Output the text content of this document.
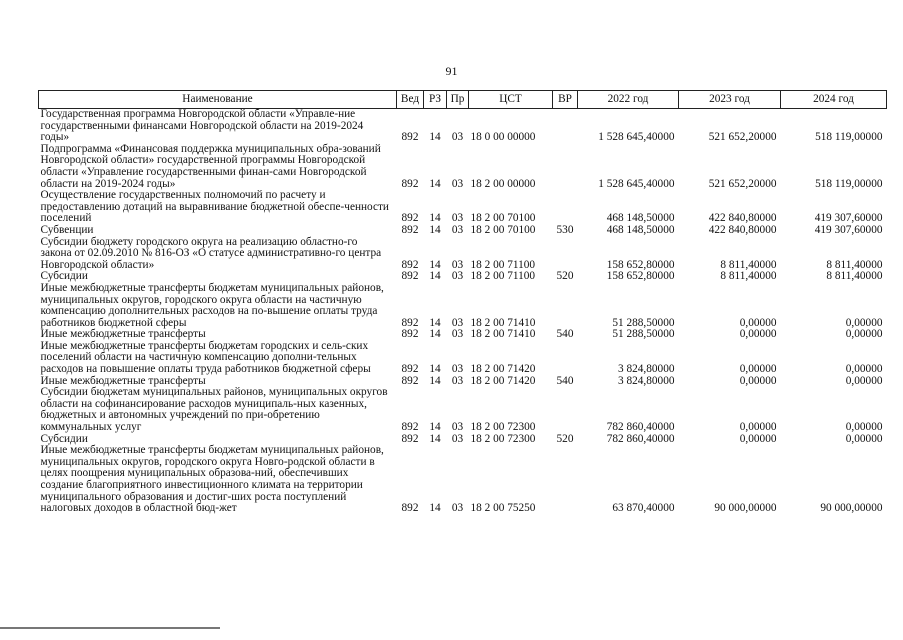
91
Наименование	Вед	РЗ	Пр	ЦСТ	ВР	2022 год	2023 год	2024 год
Государственная программа Новгородской области «Управле-ние государственными финансами Новгородской области на 2019-2024 годы»	892	14	03	18 0 00 00000		1 528 645,40000	521 652,20000	518 119,00000
Подпрограмма «Финансовая поддержка муниципальных обра-зований Новгородской области» государственной программы Новгородской области «Управление государственными финан-сами Новгородской области на 2019-2024 годы»	892	14	03	18 2 00 00000		1 528 645,40000	521 652,20000	518 119,00000
Осуществление государственных полномочий по расчету и предоставлению дотаций на выравнивание бюджетной обеспе-ченности поселений	892	14	03	18 2 00 70100		468 148,50000	422 840,80000	419 307,60000
Субвенции	892	14	03	18 2 00 70100	530	468 148,50000	422 840,80000	419 307,60000
Субсидии бюджету городского округа на реализацию областно-го закона от 02.09.2010 № 816-ОЗ «О статусе административно-го центра Новгородской области»	892	14	03	18 2 00 71100		158 652,80000	8 811,40000	8 811,40000
Субсидии	892	14	03	18 2 00 71100	520	158 652,80000	8 811,40000	8 811,40000
Иные межбюджетные трансферты бюджетам муниципальных районов, муниципальных округов, городского округа области на частичную компенсацию дополнительных расходов на по-вышение оплаты труда работников бюджетной сферы	892	14	03	18 2 00 71410		51 288,50000	0,00000	0,00000
Иные межбюджетные трансферты	892	14	03	18 2 00 71410	540	51 288,50000	0,00000	0,00000
Иные межбюджетные трансферты бюджетам городских и сель-ских поселений области на частичную компенсацию дополни-тельных расходов на повышение оплаты труда работников бюджетной сферы	892	14	03	18 2 00 71420		3 824,80000	0,00000	0,00000
Иные межбюджетные трансферты	892	14	03	18 2 00 71420	540	3 824,80000	0,00000	0,00000
Субсидии бюджетам муниципальных районов, муниципальных округов области на софинансирование расходов муниципаль-ных казенных, бюджетных и автономных учреждений по при-обретению коммунальных услуг	892	14	03	18 2 00 72300		782 860,40000	0,00000	0,00000
Субсидии	892	14	03	18 2 00 72300	520	782 860,40000	0,00000	0,00000
Иные межбюджетные трансферты бюджетам муниципальных районов, муниципальных округов, городского округа Новго-родской области в целях поощрения муниципальных образова-ний, обеспечивших создание благоприятного инвестиционного климата на территории муниципального образования и достиг-ших роста поступлений налоговых доходов в областной бюд-жет	892	14	03	18 2 00 75250		63 870,40000	90 000,00000	90 000,00000
